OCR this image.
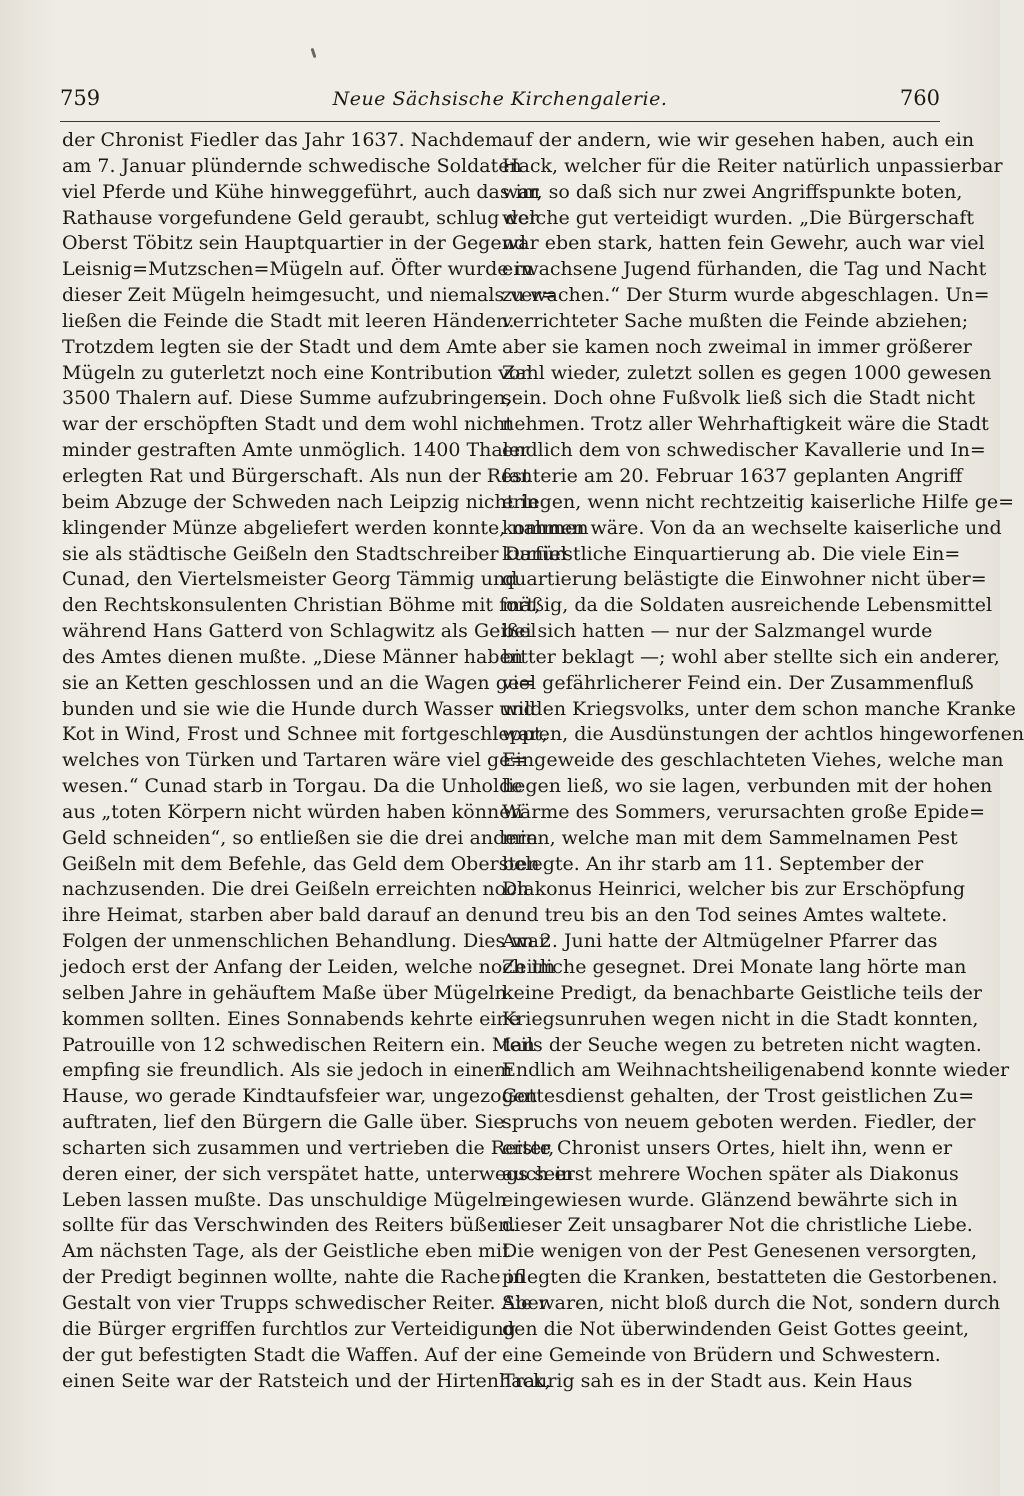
759	Neue Sächsische Kirchengalerie.	760
der Chronist Fiedler das Jahr 1637. Nachdem
am 7. Januar plündernde schwedische Soldaten
viel Pferde und Kühe hinweggeführt, auch das im
Rathause vorgefundene Geld geraubt, schlug der
Oberst Töbitz sein Hauptquartier in der Gegend
Leisnig=Mutzschen=Mügeln auf. Öfter wurde in
dieser Zeit Mügeln heimgesucht, und niemals ver=
ließen die Feinde die Stadt mit leeren Händen.
Trotzdem legten sie der Stadt und dem Amte
Mügeln zu guterletzt noch eine Kontribution von
3500 Thalern auf. Diese Summe aufzubringen,
war der erschöpften Stadt und dem wohl nicht
minder gestraften Amte unmöglich. 1400 Thaler
erlegten Rat und Bürgerschaft. Als nun der Rest
beim Abzuge der Schweden nach Leipzig nicht in
klingender Münze abgeliefert werden konnte, nahmen
sie als städtische Geißeln den Stadtschreiber Daniel
Cunad, den Viertelsmeister Georg Tämmig und
den Rechtskonsulenten Christian Böhme mit fort,
während Hans Gatterd von Schlagwitz als Geißel
des Amtes dienen mußte. „Diese Männer haben
sie an Ketten geschlossen und an die Wagen ge=
bunden und sie wie die Hunde durch Wasser und
Kot in Wind, Frost und Schnee mit fortgeschleppt,
welches von Türken und Tartaren wäre viel ge=
wesen.“ Cunad starb in Torgau. Da die Unholde
aus „toten Körpern nicht würden haben können
Geld schneiden“, so entließen sie die drei andern
Geißeln mit dem Befehle, das Geld dem Obersten
nachzusenden. Die drei Geißeln erreichten noch
ihre Heimat, starben aber bald darauf an den
Folgen der unmenschlichen Behandlung. Dies war
jedoch erst der Anfang der Leiden, welche noch im
selben Jahre in gehäuftem Maße über Mügeln
kommen sollten. Eines Sonnabends kehrte eine
Patrouille von 12 schwedischen Reitern ein. Man
empfing sie freundlich. Als sie jedoch in einem
Hause, wo gerade Kindtaufsfeier war, ungezogen
auftraten, lief den Bürgern die Galle über. Sie
scharten sich zusammen und vertrieben die Reiter,
deren einer, der sich verspätet hatte, unterwegs sein
Leben lassen mußte. Das unschuldige Mügeln
sollte für das Verschwinden des Reiters büßen.
Am nächsten Tage, als der Geistliche eben mit
der Predigt beginnen wollte, nahte die Rache in
Gestalt von vier Trupps schwedischer Reiter. Aber
die Bürger ergriffen furchtlos zur Verteidigung
der gut befestigten Stadt die Waffen. Auf der
einen Seite war der Ratsteich und der Hirtenhack,
auf der andern, wie wir gesehen haben, auch ein
Hack, welcher für die Reiter natürlich unpassierbar
war, so daß sich nur zwei Angriffspunkte boten,
welche gut verteidigt wurden. „Die Bürgerschaft
war eben stark, hatten fein Gewehr, auch war viel
erwachsene Jugend fürhanden, die Tag und Nacht
zu wachen.“ Der Sturm wurde abgeschlagen. Un=
verrichteter Sache mußten die Feinde abziehen;
aber sie kamen noch zweimal in immer größerer
Zahl wieder, zuletzt sollen es gegen 1000 gewesen
sein. Doch ohne Fußvolk ließ sich die Stadt nicht
nehmen. Trotz aller Wehrhaftigkeit wäre die Stadt
endlich dem von schwedischer Kavallerie und In=
fanterie am 20. Februar 1637 geplanten Angriff
erlegen, wenn nicht rechtzeitig kaiserliche Hilfe ge=
kommen wäre. Von da an wechselte kaiserliche und
kurfürstliche Einquartierung ab. Die viele Ein=
quartierung belästigte die Einwohner nicht über=
mäßig, da die Soldaten ausreichende Lebensmittel
bei sich hatten — nur der Salzmangel wurde
bitter beklagt —; wohl aber stellte sich ein anderer,
viel gefährlicherer Feind ein. Der Zusammenfluß
wilden Kriegsvolks, unter dem schon manche Kranke
waren, die Ausdünstungen der achtlos hingeworfenen
Eingeweide des geschlachteten Viehes, welche man
liegen ließ, wo sie lagen, verbunden mit der hohen
Wärme des Sommers, verursachten große Epide=
mien, welche man mit dem Sammelnamen Pest
belegte. An ihr starb am 11. September der
Diakonus Heinrici, welcher bis zur Erschöpfung
und treu bis an den Tod seines Amtes waltete.
Am 2. Juni hatte der Altmügelner Pfarrer das
Zeitliche gesegnet. Drei Monate lang hörte man
keine Predigt, da benachbarte Geistliche teils der
Kriegsunruhen wegen nicht in die Stadt konnten,
teils der Seuche wegen zu betreten nicht wagten.
Endlich am Weihnachtsheiligenabend konnte wieder
Gottesdienst gehalten, der Trost geistlichen Zu=
spruchs von neuem geboten werden. Fiedler, der
erste Chronist unsers Ortes, hielt ihn, wenn er
auch erst mehrere Wochen später als Diakonus
eingewiesen wurde. Glänzend bewährte sich in
dieser Zeit unsagbarer Not die christliche Liebe.
Die wenigen von der Pest Genesenen versorgten,
pflegten die Kranken, bestatteten die Gestorbenen.
Sie waren, nicht bloß durch die Not, sondern durch
den die Not überwindenden Geist Gottes geeint,
eine Gemeinde von Brüdern und Schwestern.
Traurig sah es in der Stadt aus. Kein Haus
